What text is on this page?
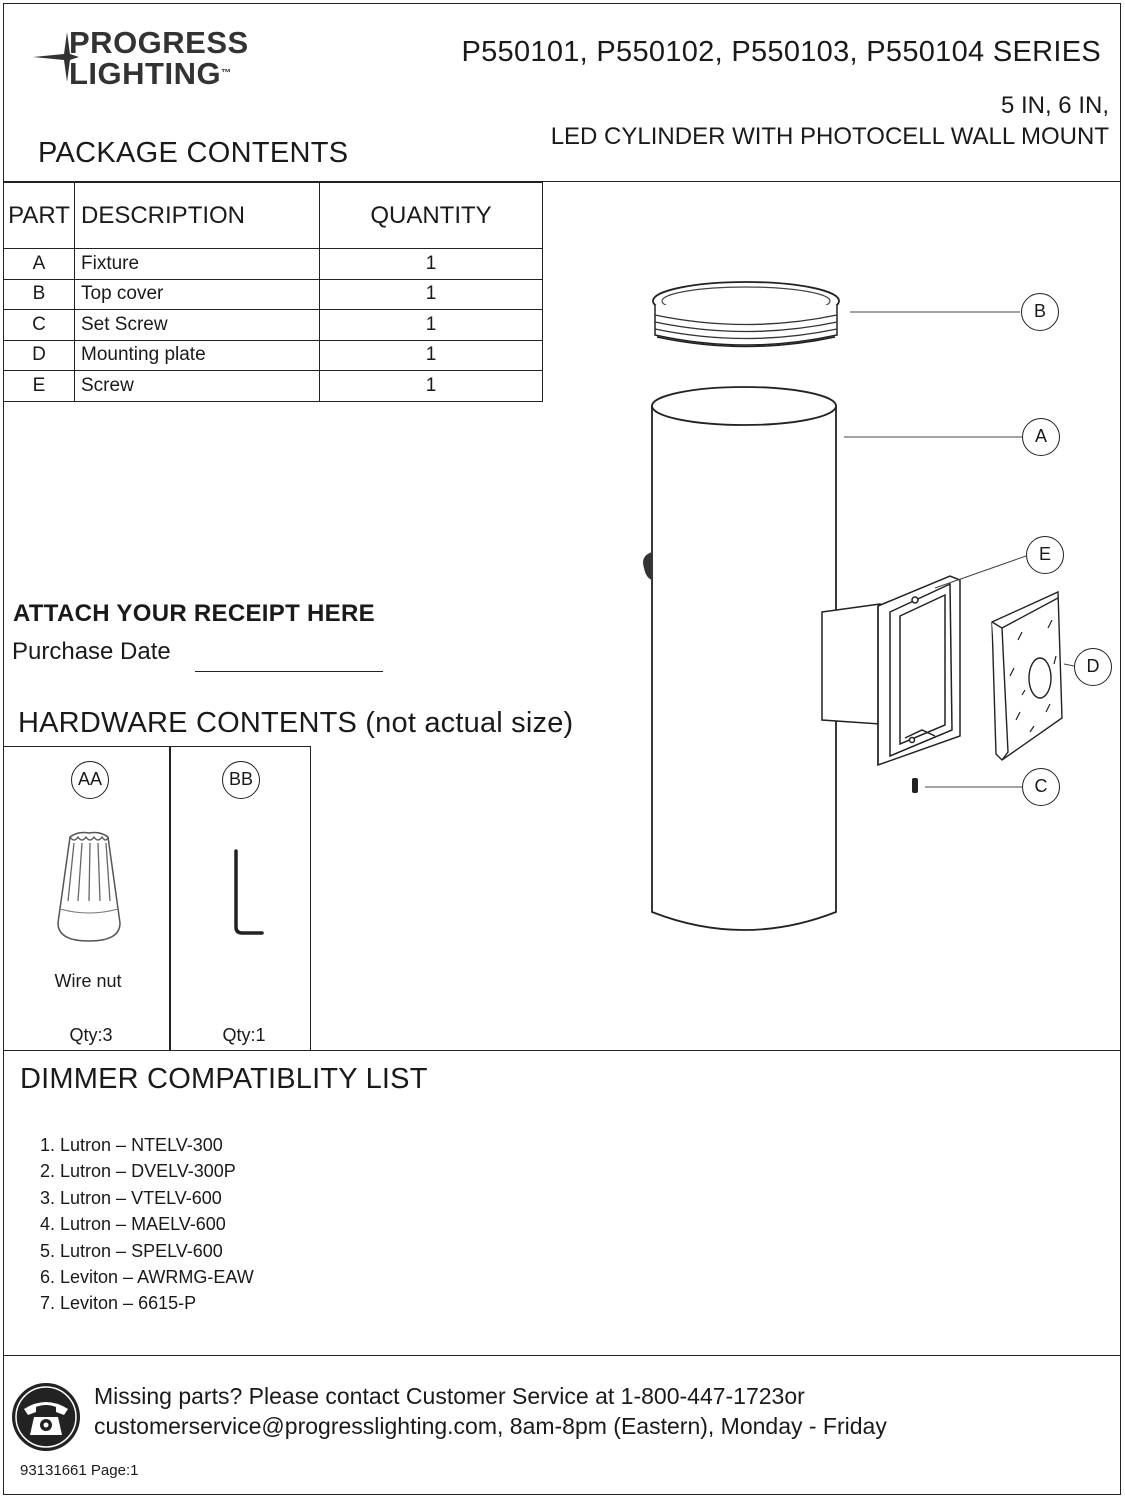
PROGRESS
LIGHTING™
P550101, P550102, P550103, P550104 SERIES
5 IN, 6 IN,
LED CYLINDER WITH PHOTOCELL WALL MOUNT
PACKAGE CONTENTS
PART	DESCRIPTION	QUANTITY
A	Fixture	1
B	Top cover	1
C	Set Screw	1
D	Mounting plate	1
E	Screw	1
ATTACH YOUR RECEIPT HERE
Purchase Date
HARDWARE CONTENTS (not actual size)
AA
Wire nut
Qty:3
BB
Qty:1
B
A
E
D
C
DIMMER COMPATIBLITY LIST
1. Lutron – NTELV-300
2. Lutron – DVELV-300P
3. Lutron – VTELV-600
4. Lutron – MAELV-600
5. Lutron – SPELV-600
6. Leviton – AWRMG-EAW
7. Leviton – 6615-P
Missing parts? Please contact Customer Service at 1-800-447-1723or
customerservice@progresslighting.com, 8am-8pm (Eastern), Monday - Friday
93131661 Page:1
